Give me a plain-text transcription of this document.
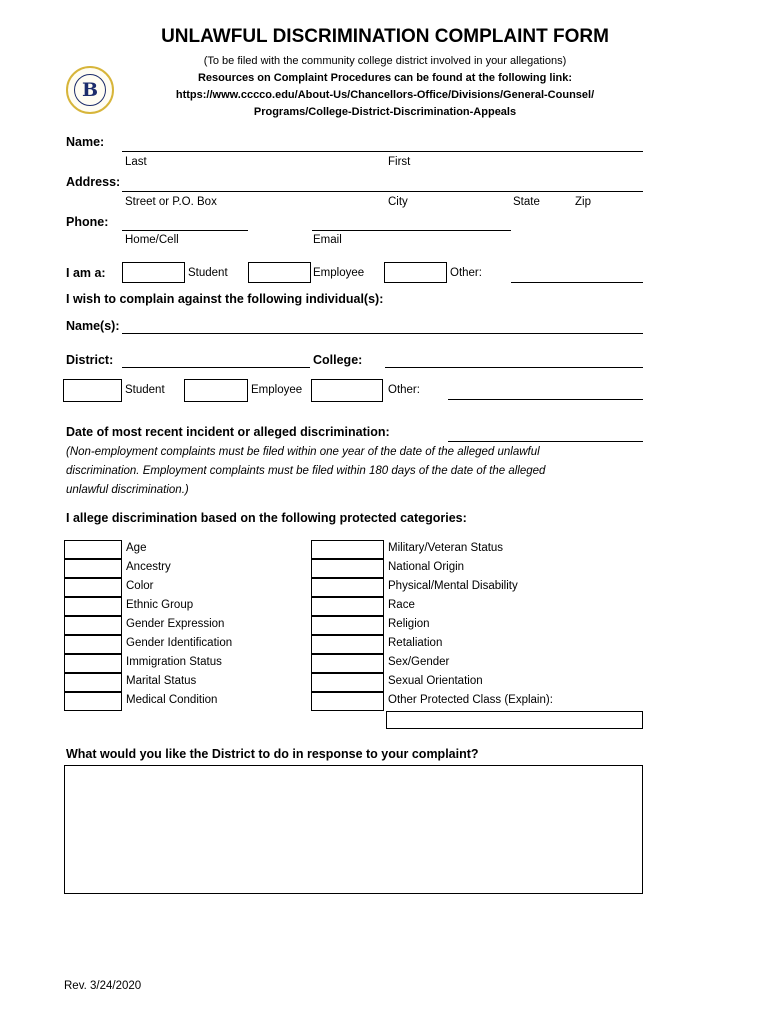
UNLAWFUL DISCRIMINATION COMPLAINT FORM
B
(To be filed with the community college district involved in your allegations)
Resources on Complaint Procedures can be found at the following link:
https://www.cccco.edu/About-Us/Chancellors-Office/Divisions/General-Counsel/
Programs/College-District-Discrimination-Appeals
Name:
Last	First
Address:
Street or P.O. Box	City	State	Zip
Phone:
Home/Cell	Email
I am a:	Student	Employee	Other:
I wish to complain against the following individual(s):
Name(s):
District:	College:
Student	Employee	Other:
Date of most recent incident or alleged discrimination:
(Non-employment complaints must be filed within one year of the date of the alleged unlawful
discrimination. Employment complaints must be filed within 180 days of the date of the alleged
unlawful discrimination.)
I allege discrimination based on the following protected categories:
Age
Ancestry
Color
Ethnic Group
Gender Expression
Gender Identification
Immigration Status
Marital Status
Medical Condition
Military/Veteran Status
National Origin
Physical/Mental Disability
Race
Religion
Retaliation
Sex/Gender
Sexual Orientation
Other Protected Class (Explain):
What would you like the District to do in response to your complaint?
Rev. 3/24/2020
